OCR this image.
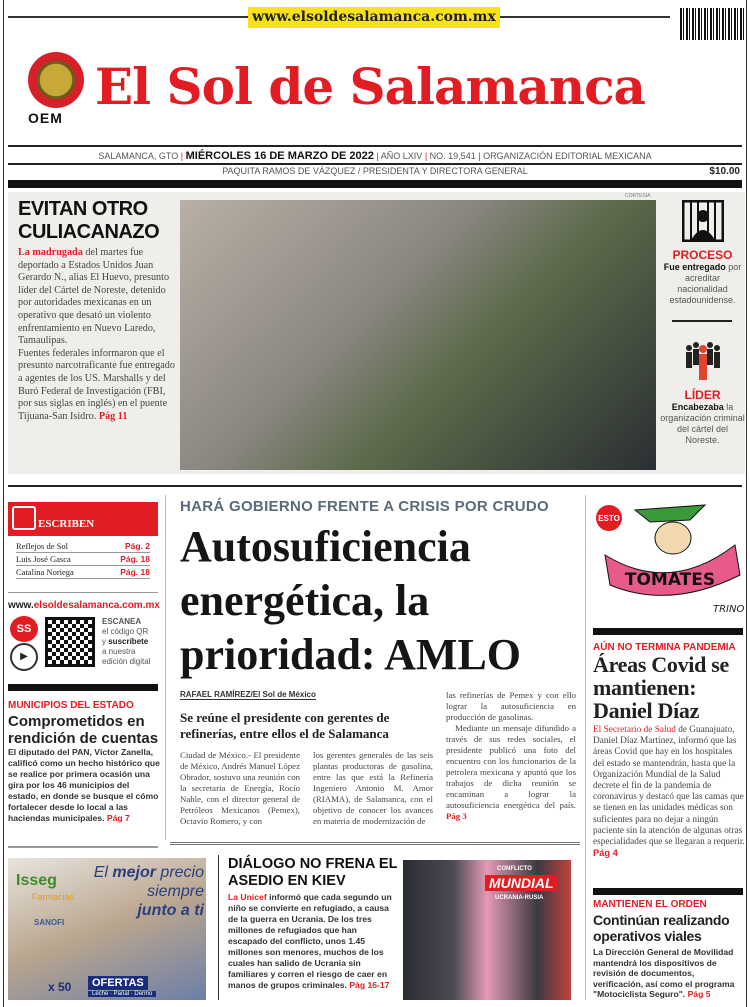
www.elsoldesalamanca.com.mx
OEM
El Sol de Salamanca
SALAMANCA, GTO | MIÉRCOLES 16 DE MARZO DE 2022 | AÑO LXIV | NO. 19,541 | ORGANIZACIÓN EDITORIAL MEXICANA
PAQUITA RAMOS DE VÁZQUEZ / PRESIDENTA Y DIRECTORA GENERAL	$10.00
EVITAN OTRO CULIACANAZO
La madrugada del martes fue deportado a Estados Unidos Juan Gerardo N., alias El Huevo, presunto líder del Cártel de Noreste, detenido por autoridades mexicanas en un operativo que desató un violento enfrentamiento en Nuevo Laredo, Tamaulipas.
Fuentes federales informaron que el presunto narcotraficante fue entregado a agentes de los US. Marshalls y del Buró Federal de Investigación (FBI, por sus siglas en inglés) en el puente Tijuana-San Isidro. Pág 11
CORTESÍA
PROCESO
Fue entregado por acreditar nacionalidad estadounidense.
LÍDER
Encabezaba la organización criminal del cártel del Noreste.
ESCRIBEN
Reflejos de Sol	Pág. 2
Luis José Gasca	Pág. 18
Catalina Noriega	Pág. 18
www.elsoldesalamanca.com.mx
SS
▶
ESCANEA
el código QR
y suscríbete
a nuestra edición digital
MUNICIPIOS DEL ESTADO
Comprometidos en rendición de cuentas

El diputado del PAN, Víctor Zanella, calificó como un hecho histórico que se realice por primera ocasión una gira por los 46 municipios del estado, en donde se busque el cómo fortalecer desde lo local a las haciendas municipales. Pág 7

HARÁ GOBIERNO FRENTE A CRISIS POR CRUDO
Autosuficiencia energética, la prioridad: AMLO
RAFAEL RAMÍREZ/El Sol de México
Se reúne el presidente con gerentes de refinerías, entre ellos el de Salamanca
Ciudad de México.- El presidente de México, Andrés Manuel López Obrador, sostuvo una reunión con la secretaria de Energía, Rocío Nahle, con el director general de Petróleos Mexicanos (Pemex), Octavio Romero, y con
los gerentes generales de las seis plantas productoras de gasolina, entre las que está la Refinería Ingeniero Antonio M. Amor (RIAMA), de Salamanca, con el objetivo de conocer los avances en materia de modernización de
las refinerías de Pemex y con ello lograr la autosuficiencia en producción de gasolinas.
Mediante un mensaje difundido a través de sus redes sociales, el presidente publicó una foto del encuentro con los funcionarios de la petrolera mexicana y apuntó que los trabajos de dicha reunión se encaminan a lograr la autosuficiencia energética del país. Pág 3
ESTO
TOMATES
TRINO
AÚN NO TERMINA PANDEMIA
Áreas Covid se mantienen: Daniel Díaz

El Secretario de Salud de Guanajuato, Daniel Díaz Martínez, informó que las áreas Covid que hay en los hospitales del estado se mantendrán, hasta que la Organización Mundial de la Salud decrete el fin de la pandemia de coronavirus y destacó que las camas que se tienen en las unidades médicas son suficientes para no dejar a ningún paciente sin la atención de algunas otras especialidades que se llegaran a requerir. Pág 4

MANTIENEN EL ORDEN
Continúan realizando operativos viales

La Dirección General de Movilidad mantendrá los dispositivos de revisión de documentos, verificación, así como el programa "Motociclista Seguro". Pág 5

Isseg
Farmacias
SANOFI
El mejor precio siempre
junto a ti
x 50	OFERTAS
Leche · Pañal · Dermo
DIÁLOGO NO FRENA EL ASEDIO EN KIEV

La Unicef informó que cada segundo un niño se convierte en refugiado, a causa de la guerra en Ucrania. De los tres millones de refugiados que han escapado del conflicto, unos 1.45 millones son menores, muchos de los cuales han salido de Ucrania sin familiares y corren el riesgo de caer en manos de grupos criminales. Pág 16-17

CONFLICTO
MUNDIAL
UCRANIA-RUSIA
